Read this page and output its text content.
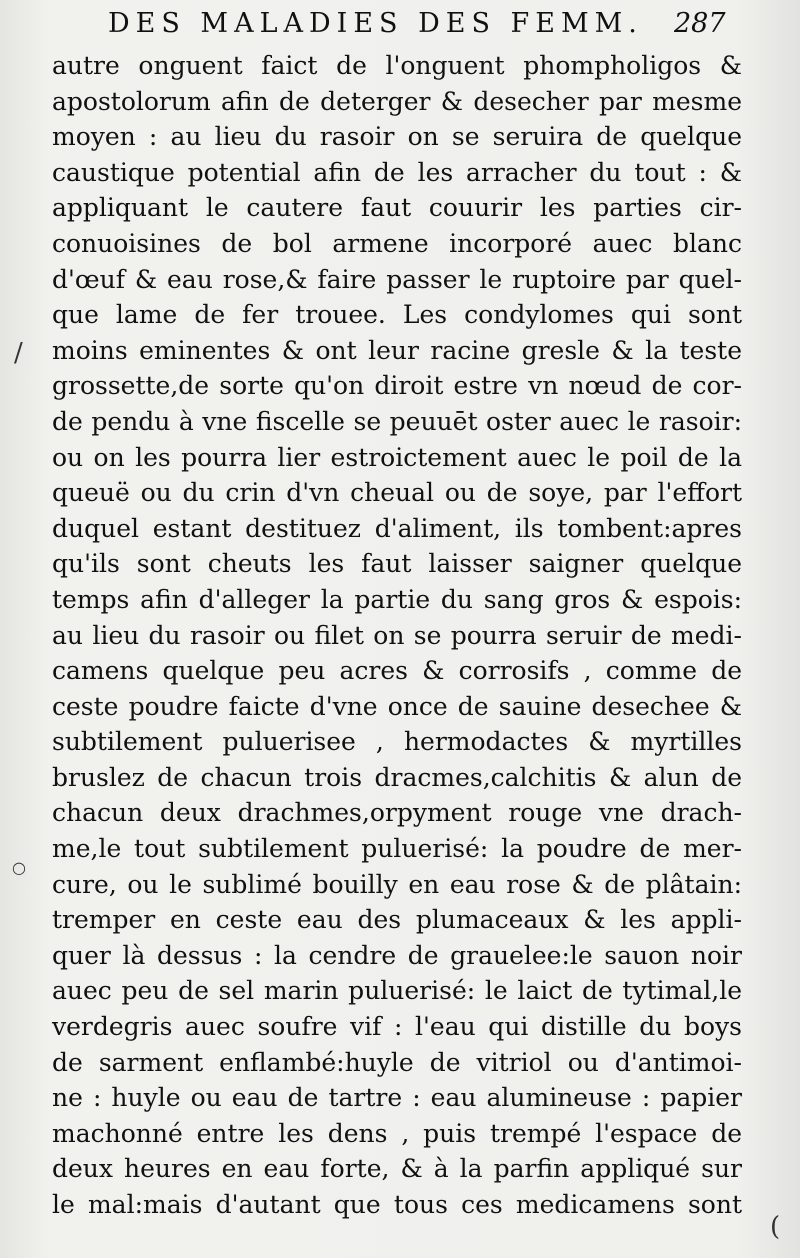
DES MALADIES DES FEMM.	287
autre onguent faict de l'onguent phompholigos &
apostolorum afin de deterger & desecher par mesme
moyen : au lieu du rasoir on se seruira de quelque
caustique potential afin de les arracher du tout : &
appliquant le cautere faut couurir les parties cir-
conuoisines de bol armene incorporé auec blanc
d'œuf & eau rose,& faire passer le ruptoire par quel-
que lame de fer trouee. Les condylomes qui sont
moins eminentes & ont leur racine gresle & la teste
grossette,de sorte qu'on diroit estre vn nœud de cor-
de pendu à vne fiscelle se peuuēt oster auec le rasoir:
ou on les pourra lier estroictement auec le poil de la
queuë ou du crin d'vn cheual ou de soye, par l'effort
duquel estant destituez d'aliment, ils tombent:apres
qu'ils sont cheuts les faut laisser saigner quelque
temps afin d'alleger la partie du sang gros & espois:
au lieu du rasoir ou filet on se pourra seruir de medi-
camens quelque peu acres & corrosifs , comme de
ceste poudre faicte d'vne once de sauine desechee &
subtilement puluerisee , hermodactes & myrtilles
bruslez de chacun trois dracmes,calchitis & alun de
chacun deux drachmes,orpyment rouge vne drach-
me,le tout subtilement puluerisé: la poudre de mer-
cure, ou le sublimé bouilly en eau rose & de plâtain:
tremper en ceste eau des plumaceaux & les appli-
quer là dessus : la cendre de grauelee:le sauon noir
auec peu de sel marin puluerisé: le laict de tytimal,le
verdegris auec soufre vif : l'eau qui distille du boys
de sarment enflambé:huyle de vitriol ou d'antimoi-
ne : huyle ou eau de tartre : eau alumineuse : papier
machonné entre les dens , puis trempé l'espace de
deux heures en eau forte, & à la parfin appliqué sur
le mal:mais d'autant que tous ces medicamens sont
/
○
(
